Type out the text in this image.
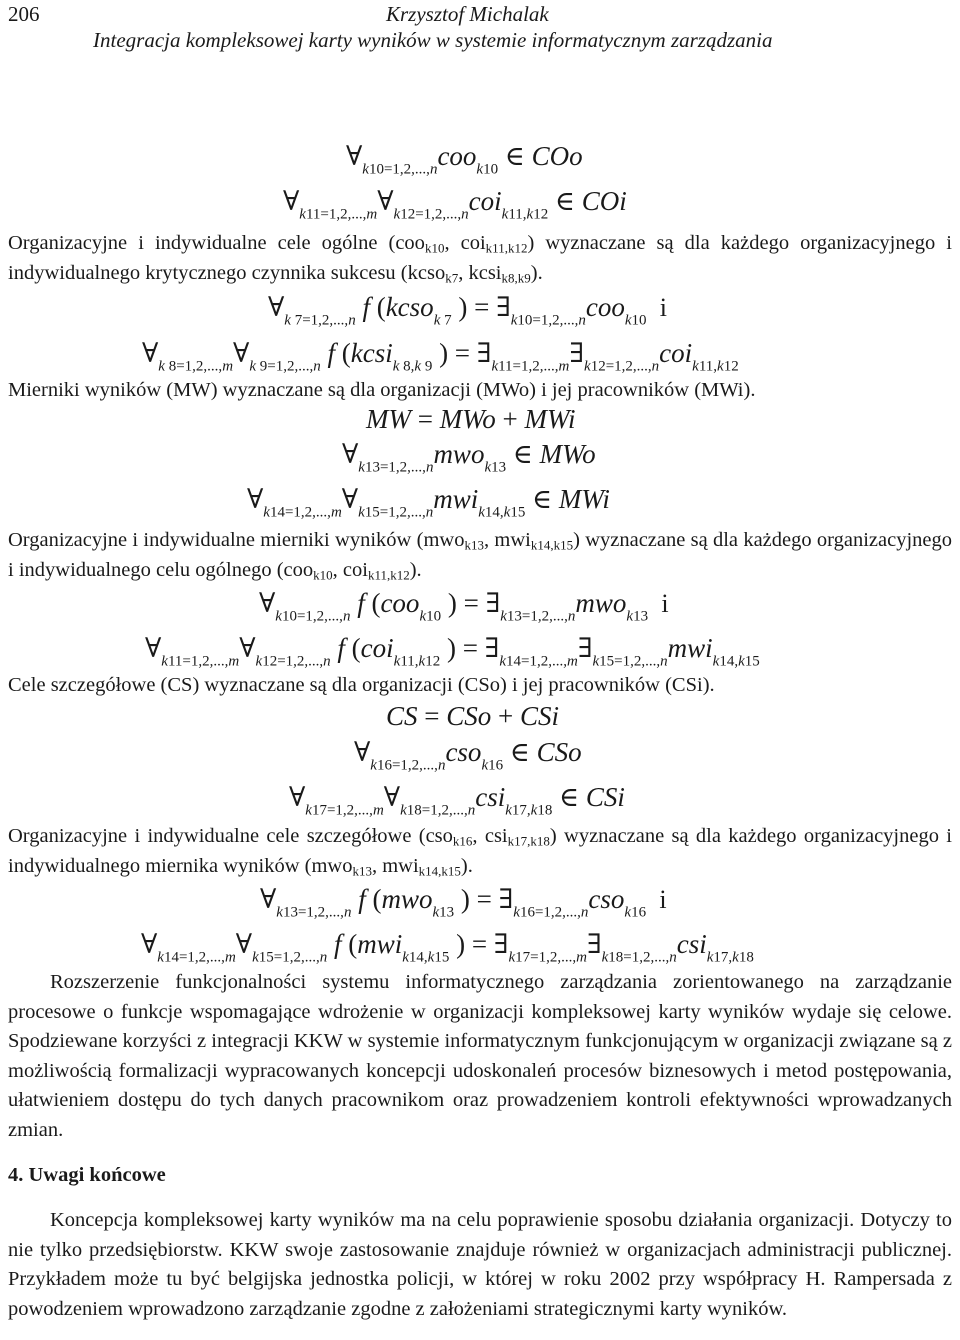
206	Krzysztof Michalak
Integracja kompleksowej karty wyników w systemie informatycznym zarządzania
$\forall_{k10=1,2,...,n}coo_{k10}$ ∈ COo
$\forall_{k11=1,2,...,m}\forall_{k12=1,2,...,n}coi_{k11,k12}$ ∈ COi

Organizacyjne i indywidualne cele ogólne (coo$_{k10}$, coi$_{k11,k12}$) wyznaczane są dla każdego organizacyjnego i indywidualnego krytycznego czynnika sukcesu (kcso$_{k7}$, kcsi$_{k8,k9}$).

$\forall_{k 7=1,2,...,n}$ f (kcso$_{k 7}$ ) = $\exists_{k10=1,2,...,n}coo_{k10}$  i
$\forall_{k 8=1,2,...,m}\forall_{k 9=1,2,...,n}$ f (kcsi$_{k 8,k 9}$ ) = $\exists_{k11=1,2,...,m}\exists_{k12=1,2,...,n}coi_{k11,k12}$

Mierniki wyników (MW) wyznaczane są dla organizacji (MWo) i jej pracowników (MWi).

MW = MWo + MWi
$\forall_{k13=1,2,...,n}mwo_{k13}$ ∈ MWo
$\forall_{k14=1,2,...,m}\forall_{k15=1,2,...,n}mwi_{k14,k15}$ ∈ MWi

Organizacyjne i indywidualne mierniki wyników (mwo$_{k13}$, mwi$_{k14,k15}$) wyznaczane są dla każdego organizacyjnego i indywidualnego celu ogólnego (coo$_{k10}$, coi$_{k11,k12}$).

$\forall_{k10=1,2,...,n}$ f (coo$_{k10}$ ) = $\exists_{k13=1,2,...,n}mwo_{k13}$  i
$\forall_{k11=1,2,...,m}\forall_{k12=1,2,...,n}$ f (coi$_{k11,k12}$ ) = $\exists_{k14=1,2,...,m}\exists_{k15=1,2,...,n}mwi_{k14,k15}$

Cele szczegółowe (CS) wyznaczane są dla organizacji (CSo) i jej pracowników (CSi).

CS = CSo + CSi
$\forall_{k16=1,2,...,n}cso_{k16}$ ∈ CSo
$\forall_{k17=1,2,...,m}\forall_{k18=1,2,...,n}csi_{k17,k18}$ ∈ CSi

Organizacyjne i indywidualne cele szczegółowe (cso$_{k16}$, csi$_{k17,k18}$) wyznaczane są dla każdego organizacyjnego i indywidualnego miernika wyników (mwo$_{k13}$, mwi$_{k14,k15}$).

$\forall_{k13=1,2,...,n}$ f (mwo$_{k13}$ ) = $\exists_{k16=1,2,...,n}cso_{k16}$  i
$\forall_{k14=1,2,...,m}\forall_{k15=1,2,...,n}$ f (mwi$_{k14,k15}$ ) = $\exists_{k17=1,2,...,m}\exists_{k18=1,2,...,n}csi_{k17,k18}$

Rozszerzenie funkcjonalności systemu informatycznego zarządzania zorientowanego na zarządzanie procesowe o funkcje wspomagające wdrożenie w organizacji kompleksowej karty wyników wydaje się celowe. Spodziewane korzyści z integracji KKW w systemie informatycznym funkcjonującym w organizacji związane są z możliwością formalizacji wypracowanych koncepcji udoskonaleń procesów biznesowych i metod postępowania, ułatwieniem dostępu do tych danych pracownikom oraz prowadzeniem kontroli efektywności wprowadzanych zmian.

4. Uwagi końcowe

Koncepcja kompleksowej karty wyników ma na celu poprawienie sposobu działania organizacji. Dotyczy to nie tylko przedsiębiorstw. KKW swoje zastosowanie znajduje również w organizacjach administracji publicznej. Przykładem może tu być belgijska jednostka policji, w której w roku 2002 przy współpracy H. Rampersada z powodzeniem wprowadzono zarządzanie zgodne z założeniami strategicznymi karty wyników.
